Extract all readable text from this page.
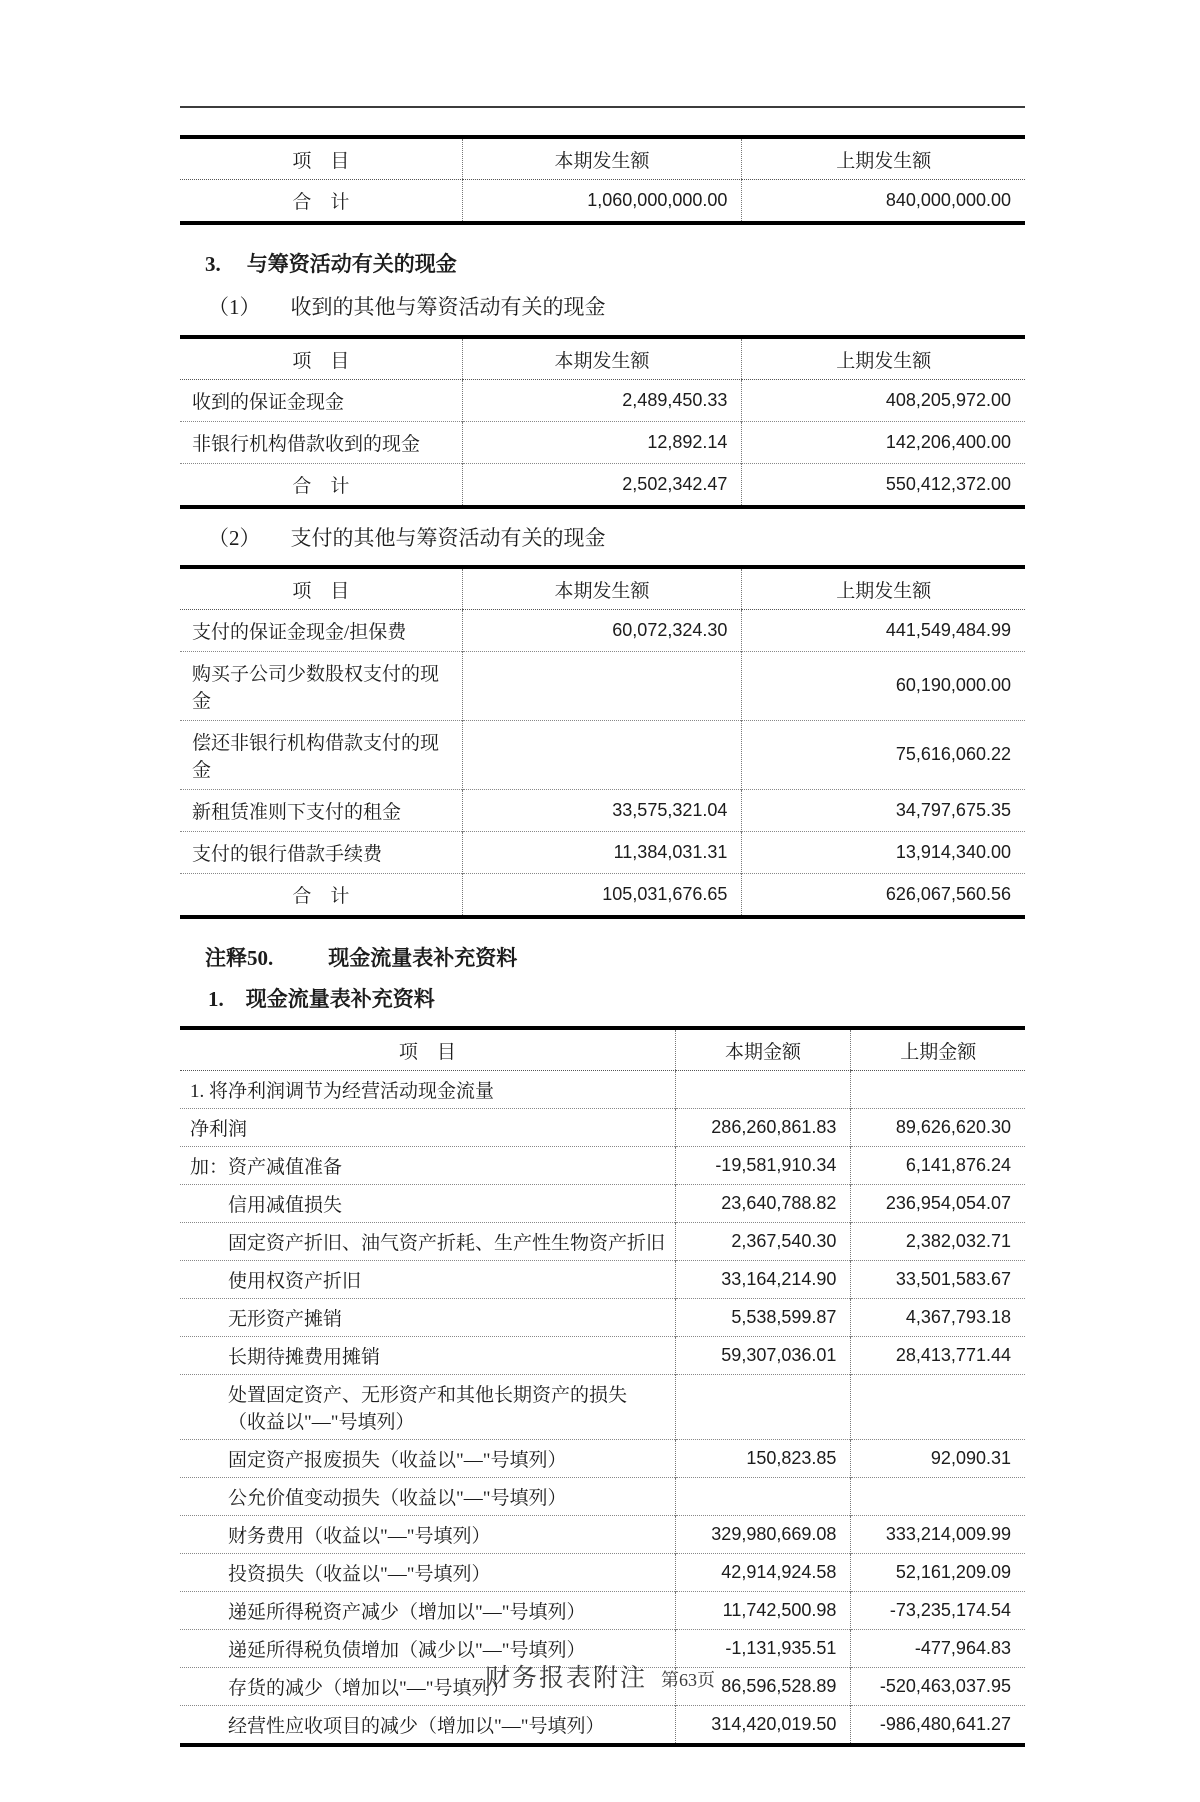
项　目	本期发生额	上期发生额
合　计	1,060,000,000.00	840,000,000.00
3. 与筹资活动有关的现金
（1） 收到的其他与筹资活动有关的现金
项　目	本期发生额	上期发生额
收到的保证金现金	2,489,450.33	408,205,972.00
非银行机构借款收到的现金	12,892.14	142,206,400.00
合　计	2,502,342.47	550,412,372.00
（2） 支付的其他与筹资活动有关的现金
项　目	本期发生额	上期发生额
支付的保证金现金/担保费	60,072,324.30	441,549,484.99
购买子公司少数股权支付的现金		60,190,000.00
偿还非银行机构借款支付的现金		75,616,060.22
新租赁准则下支付的租金	33,575,321.04	34,797,675.35
支付的银行借款手续费	11,384,031.31	13,914,340.00
合　计	105,031,676.65	626,067,560.56
注释50.	现金流量表补充资料
1. 现金流量表补充资料
项　目	本期金额	上期金额
1. 将净利润调节为经营活动现金流量		
净利润	286,260,861.83	89,626,620.30
加：资产减值准备	-19,581,910.34	6,141,876.24
信用减值损失	23,640,788.82	236,954,054.07
固定资产折旧、油气资产折耗、生产性生物资产折旧	2,367,540.30	2,382,032.71
使用权资产折旧	33,164,214.90	33,501,583.67
无形资产摊销	5,538,599.87	4,367,793.18
长期待摊费用摊销	59,307,036.01	28,413,771.44
处置固定资产、无形资产和其他长期资产的损失
（收益以"—"号填列）		

固定资产报废损失（收益以"—"号填列）	150,823.85	92,090.31
公允价值变动损失（收益以"—"号填列）		
财务费用（收益以"—"号填列）	329,980,669.08	333,214,009.99
投资损失（收益以"—"号填列）	42,914,924.58	52,161,209.09
递延所得税资产减少（增加以"—"号填列）	11,742,500.98	-73,235,174.54
递延所得税负债增加（减少以"—"号填列）	-1,131,935.51	-477,964.83
存货的减少（增加以"—"号填列）	86,596,528.89	-520,463,037.95
经营性应收项目的减少（增加以"—"号填列）	314,420,019.50	-986,480,641.27
财务报表附注 第63页
